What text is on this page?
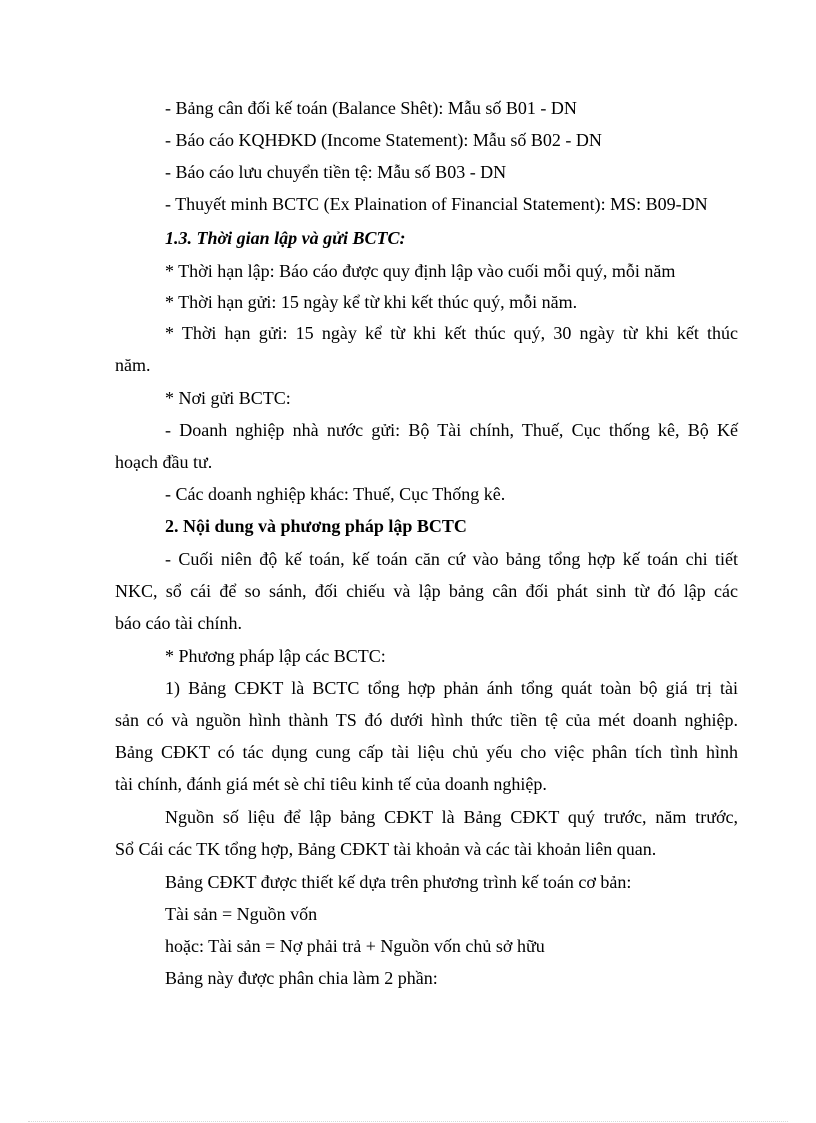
- Bảng cân đối kế toán (Balance Shêt): Mẫu số B01 - DN
- Báo cáo KQHĐKD (Income Statement): Mẫu số B02 - DN
- Báo cáo lưu chuyển tiền tệ: Mẫu số B03 - DN
- Thuyết minh BCTC (Ex Plaination of Financial Statement): MS: B09-DN
1.3. Thời gian lập và gửi BCTC:
* Thời hạn lập: Báo cáo được quy định lập vào cuối mỗi quý, mỗi năm
* Thời hạn gửi: 15 ngày kể từ khi kết thúc quý, mỗi năm.
* Thời hạn gửi: 15 ngày kể từ khi kết thúc quý, 30 ngày từ khi kết thúc
năm.
* Nơi gửi BCTC:
- Doanh nghiệp nhà nước gửi: Bộ Tài chính, Thuế, Cục thống kê, Bộ Kế
hoạch đầu tư.
- Các doanh nghiệp khác: Thuế, Cục Thống kê.
2. Nội dung và phương pháp lập BCTC
- Cuối niên độ kế toán, kế toán căn cứ vào bảng tổng hợp kế toán chi tiết
NKC, sổ cái để so sánh, đối chiếu và lập bảng cân đối phát sinh từ đó lập các
báo cáo tài chính.
* Phương pháp lập các BCTC:
1) Bảng CĐKT là BCTC tổng hợp phản ánh tổng quát toàn bộ giá trị tài
sản có và nguồn hình thành TS đó dưới hình thức tiền tệ của mét doanh nghiệp.
Bảng CĐKT có tác dụng cung cấp tài liệu chủ yếu cho việc phân tích tình hình
tài chính, đánh giá mét sè chỉ tiêu kinh tế của doanh nghiệp.
Nguồn số liệu để lập bảng CĐKT là Bảng CĐKT quý trước, năm trước,
Sổ Cái các TK tổng hợp, Bảng CĐKT tài khoản và các tài khoản liên quan.
Bảng CĐKT được thiết kế dựa trên phương trình kế toán cơ bản:
Tài sản = Nguồn vốn
hoặc: Tài sản = Nợ phải trả + Nguồn vốn chủ sở hữu
Bảng này được phân chia làm 2 phần:
